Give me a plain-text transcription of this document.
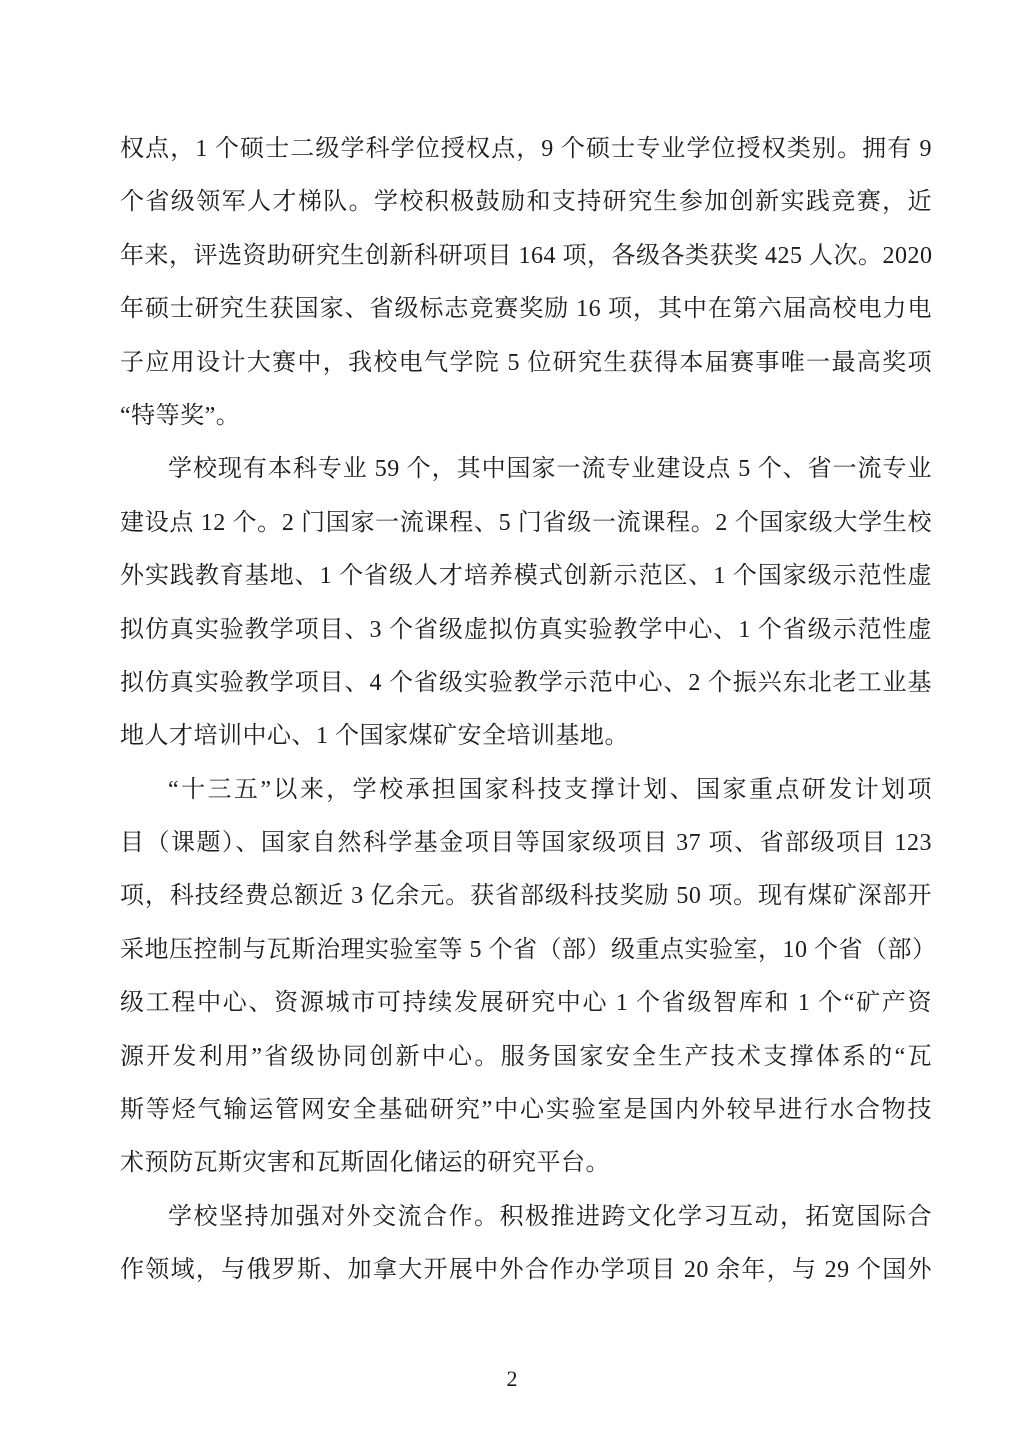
权点，1 个硕士二级学科学位授权点，9 个硕士专业学位授权类别。拥有 9
个省级领军人才梯队。学校积极鼓励和支持研究生参加创新实践竞赛，近
年来，评选资助研究生创新科研项目 164 项，各级各类获奖 425 人次。2020
年硕士研究生获国家、省级标志竞赛奖励 16 项，其中在第六届高校电力电
子应用设计大赛中，我校电气学院 5 位研究生获得本届赛事唯一最高奖项
“特等奖”。
学校现有本科专业 59 个，其中国家一流专业建设点 5 个、省一流专业
建设点 12 个。2 门国家一流课程、5 门省级一流课程。2 个国家级大学生校
外实践教育基地、1 个省级人才培养模式创新示范区、1 个国家级示范性虚
拟仿真实验教学项目、3 个省级虚拟仿真实验教学中心、1 个省级示范性虚
拟仿真实验教学项目、4 个省级实验教学示范中心、2 个振兴东北老工业基
地人才培训中心、1 个国家煤矿安全培训基地。
“十三五”以来，学校承担国家科技支撑计划、国家重点研发计划项
目（课题）、国家自然科学基金项目等国家级项目 37 项、省部级项目 123
项，科技经费总额近 3 亿余元。获省部级科技奖励 50 项。现有煤矿深部开
采地压控制与瓦斯治理实验室等 5 个省（部）级重点实验室，10 个省（部）
级工程中心、资源城市可持续发展研究中心 1 个省级智库和 1 个“矿产资
源开发利用”省级协同创新中心。服务国家安全生产技术支撑体系的“瓦
斯等烃气输运管网安全基础研究”中心实验室是国内外较早进行水合物技
术预防瓦斯灾害和瓦斯固化储运的研究平台。
学校坚持加强对外交流合作。积极推进跨文化学习互动，拓宽国际合
作领域，与俄罗斯、加拿大开展中外合作办学项目 20 余年，与 29 个国外
2
